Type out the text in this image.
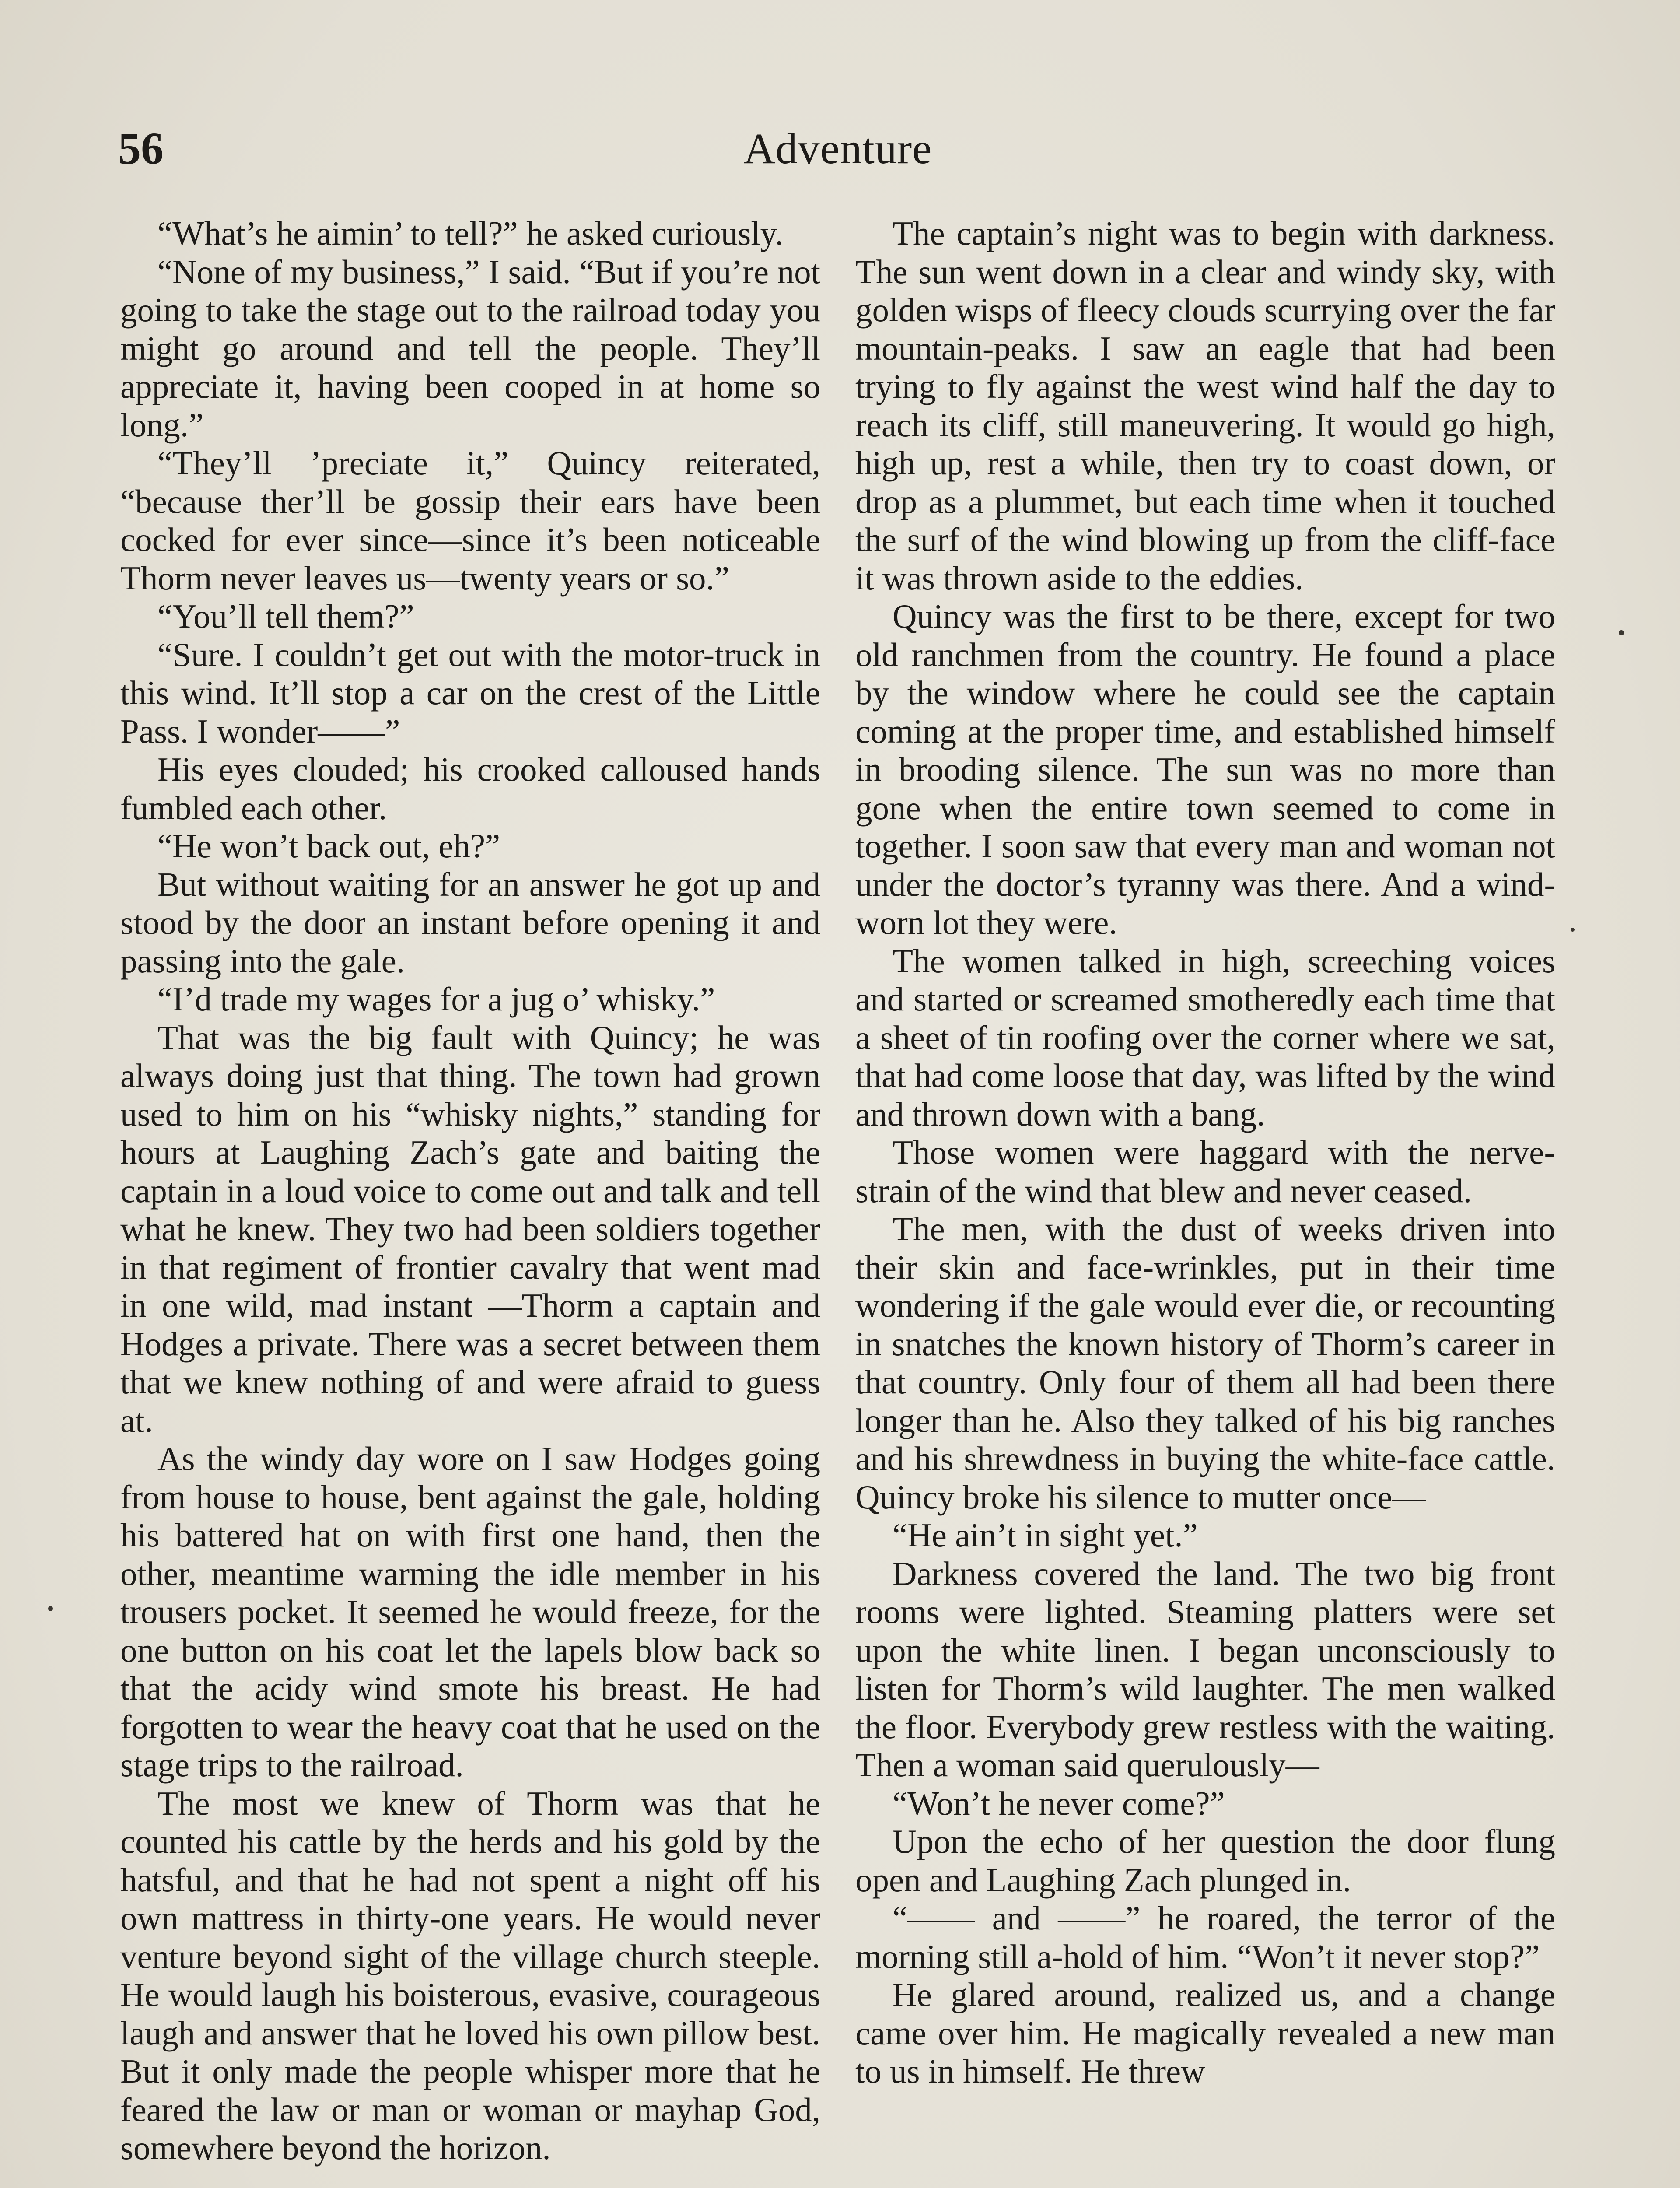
56	Adventure

“What’s he aimin’ to tell?” he asked curiously.

“None of my business,” I said. “But if you’re not going to take the stage out to the railroad today you might go around and tell the people. They’ll appreciate it, having been cooped in at home so long.”

“They’ll ’preciate it,” Quincy reiterated, “because ther’ll be gossip their ears have been cocked for ever since—since it’s been noticeable Thorm never leaves us—twenty years or so.”

“You’ll tell them?”

“Sure. I couldn’t get out with the motor-truck in this wind. It’ll stop a car on the crest of the Little Pass. I wonder——”

His eyes clouded; his crooked calloused hands fumbled each other.

“He won’t back out, eh?”

But without waiting for an answer he got up and stood by the door an instant before opening it and passing into the gale.

“I’d trade my wages for a jug o’ whisky.”

That was the big fault with Quincy; he was always doing just that thing. The town had grown used to him on his “whisky nights,” standing for hours at Laughing Zach’s gate and baiting the captain in a loud voice to come out and talk and tell what he knew. They two had been soldiers together in that regiment of frontier cavalry that went mad in one wild, mad instant —Thorm a captain and Hodges a private. There was a secret between them that we knew nothing of and were afraid to guess at.

As the windy day wore on I saw Hodges going from house to house, bent against the gale, holding his battered hat on with first one hand, then the other, meantime warming the idle member in his trousers pocket. It seemed he would freeze, for the one button on his coat let the lapels blow back so that the acidy wind smote his breast. He had forgotten to wear the heavy coat that he used on the stage trips to the railroad.

The most we knew of Thorm was that he counted his cattle by the herds and his gold by the hatsful, and that he had not spent a night off his own mattress in thirty-one years. He would never venture beyond sight of the village church steeple. He would laugh his boisterous, evasive, courageous laugh and answer that he loved his own pillow best. But it only made the people whisper more that he feared the law or man or woman or mayhap God, somewhere beyond the horizon.

The captain’s night was to begin with darkness. The sun went down in a clear and windy sky, with golden wisps of fleecy clouds scurrying over the far mountain-peaks. I saw an eagle that had been trying to fly against the west wind half the day to reach its cliff, still maneuvering. It would go high, high up, rest a while, then try to coast down, or drop as a plummet, but each time when it touched the surf of the wind blowing up from the cliff-face it was thrown aside to the eddies.

Quincy was the first to be there, except for two old ranchmen from the country. He found a place by the window where he could see the captain coming at the proper time, and established himself in brooding silence. The sun was no more than gone when the entire town seemed to come in together. I soon saw that every man and woman not under the doctor’s tyranny was there. And a wind-worn lot they were.

The women talked in high, screeching voices and started or screamed smotheredly each time that a sheet of tin roofing over the corner where we sat, that had come loose that day, was lifted by the wind and thrown down with a bang.

Those women were haggard with the nerve-strain of the wind that blew and never ceased.

The men, with the dust of weeks driven into their skin and face-wrinkles, put in their time wondering if the gale would ever die, or recounting in snatches the known history of Thorm’s career in that country. Only four of them all had been there longer than he. Also they talked of his big ranches and his shrewdness in buying the white-face cattle. Quincy broke his silence to mutter once—

“He ain’t in sight yet.”

Darkness covered the land. The two big front rooms were lighted. Steaming platters were set upon the white linen. I began unconsciously to listen for Thorm’s wild laughter. The men walked the floor. Everybody grew restless with the waiting. Then a woman said querulously—

“Won’t he never come?”

Upon the echo of her question the door flung open and Laughing Zach plunged in.

“—— and ——” he roared, the terror of the morning still a-hold of him. “Won’t it never stop?”

He glared around, realized us, and a change came over him. He magically revealed a new man to us in himself. He threw
